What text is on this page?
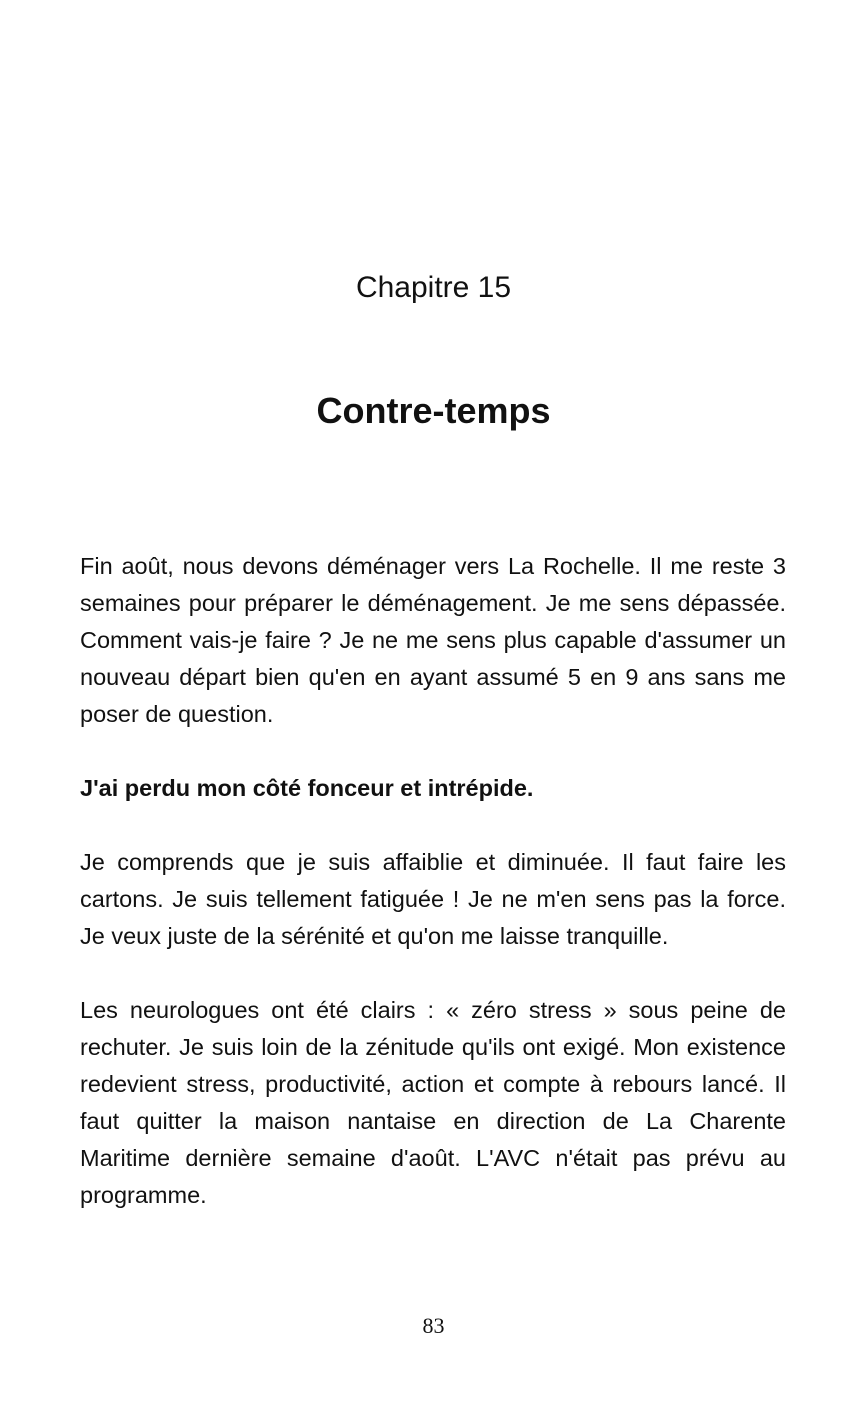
Chapitre 15
Contre-temps

Fin août, nous devons déménager vers La Rochelle. Il me reste 3 semaines pour préparer le déménagement. Je me sens dépassée. Comment vais-je faire ? Je ne me sens plus capable d'assumer un nouveau départ bien qu'en en ayant assumé 5 en 9 ans sans me poser de question.

J'ai perdu mon côté fonceur et intrépide.

Je comprends que je suis affaiblie et diminuée. Il faut faire les cartons. Je suis tellement fatiguée ! Je ne m'en sens pas la force. Je veux juste de la sérénité et qu'on me laisse tranquille.

Les neurologues ont été clairs : « zéro stress » sous peine de rechuter. Je suis loin de la zénitude qu'ils ont exigé. Mon existence redevient stress, productivité, action et compte à rebours lancé. Il faut quitter la maison nantaise en direction de La Charente Maritime dernière semaine d'août. L'AVC n'était pas prévu au programme.

83
